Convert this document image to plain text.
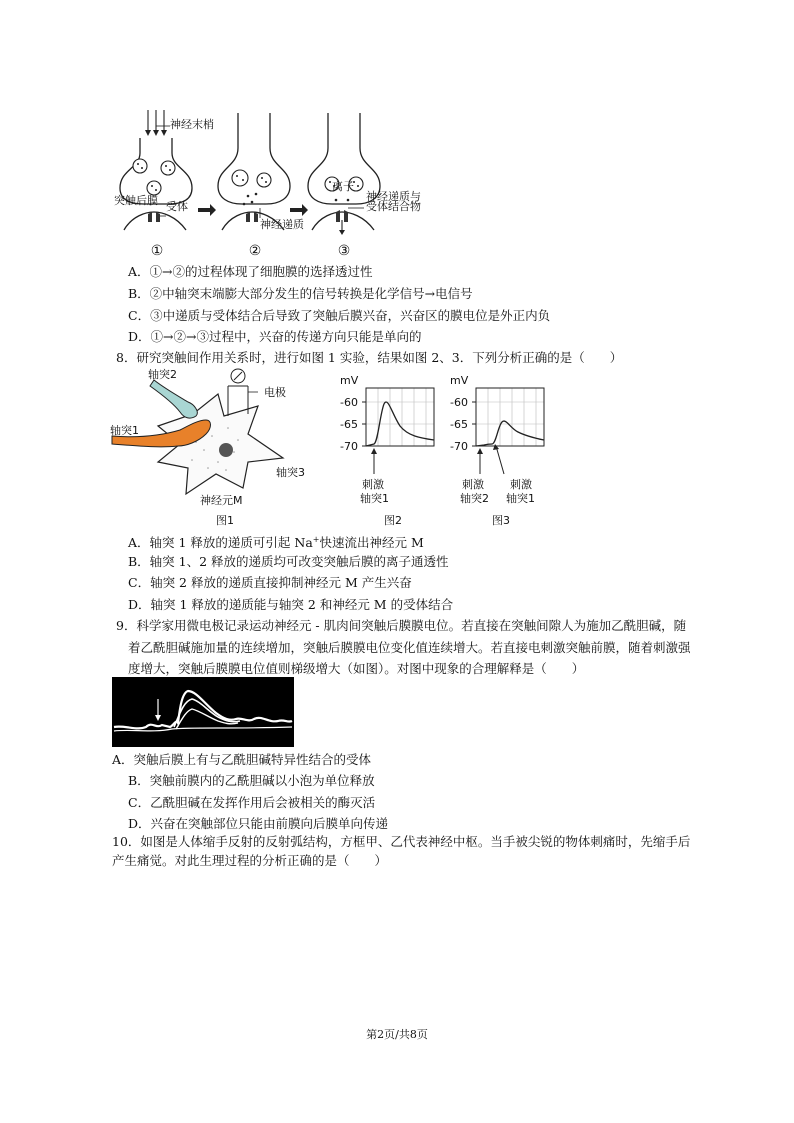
神经末梢
突触后膜 受体
神经递质
离子
神经递质与
受体结合物
①	②	③
A．①→②的过程体现了细胞膜的选择透过性
B．②中轴突末端膨大部分发生的信号转换是化学信号→电信号
C．③中递质与受体结合后导致了突触后膜兴奋，兴奋区的膜电位是外正内负
D．①→②→③过程中，兴奋的传递方向只能是单向的
8．研究突触间作用关系时，进行如图 1 实验，结果如图 2、3．下列分析正确的是（　　）
电极
轴突2
轴突1
轴突3
神经元M
图1
mV
-60
-65
-70
刺激
轴突1
图2
mV
-60
-65
-70
刺激
轴突2
刺激
轴突1
图3
A．轴突 1 释放的递质可引起 Na+快速流出神经元 M
B．轴突 1、2 释放的递质均可改变突触后膜的离子通透性
C．轴突 2 释放的递质直接抑制神经元 M 产生兴奋
D．轴突 1 释放的递质能与轴突 2 和神经元 M 的受体结合
9．科学家用微电极记录运动神经元 - 肌肉间突触后膜膜电位。若直接在突触间隙人为施加乙酰胆碱，随
着乙酰胆碱施加量的连续增加，突触后膜膜电位变化值连续增大。若直接电刺激突触前膜，随着刺激强
度增大，突触后膜膜电位值则梯级增大（如图）。对图中现象的合理解释是（　　）
A．突触后膜上有与乙酰胆碱特异性结合的受体
B．突触前膜内的乙酰胆碱以小泡为单位释放
C．乙酰胆碱在发挥作用后会被相关的酶灭活
D．兴奋在突触部位只能由前膜向后膜单向传递
10．如图是人体缩手反射的反射弧结构，方框甲、乙代表神经中枢。当手被尖锐的物体刺痛时，先缩手后
产生痛觉。对此生理过程的分析正确的是（　　）
第2页/共8页
